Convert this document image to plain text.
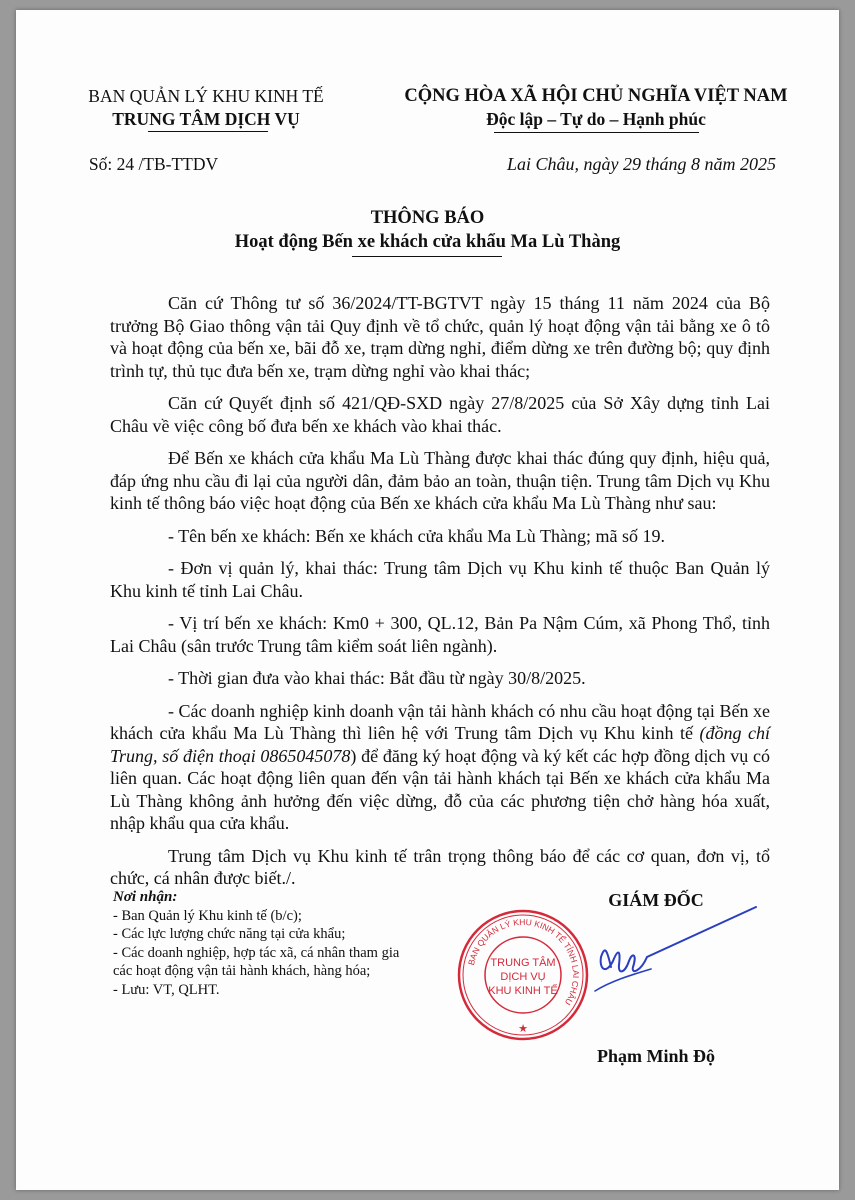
BAN QUẢN LÝ KHU KINH TẾ
TRUNG TÂM DỊCH VỤ
CỘNG HÒA XÃ HỘI CHỦ NGHĨA VIỆT NAM
Độc lập – Tự do – Hạnh phúc
Số: 24 /TB-TTDV	Lai Châu, ngày 29 tháng 8 năm 2025
THÔNG BÁO
Hoạt động Bến xe khách cửa khẩu Ma Lù Thàng

Căn cứ Thông tư số 36/2024/TT-BGTVT ngày 15 tháng 11 năm 2024 của Bộ trưởng Bộ Giao thông vận tải Quy định về tổ chức, quản lý hoạt động vận tải bằng xe ô tô và hoạt động của bến xe, bãi đỗ xe, trạm dừng nghỉ, điểm dừng xe trên đường bộ; quy định trình tự, thủ tục đưa bến xe, trạm dừng nghỉ vào khai thác;

Căn cứ Quyết định số 421/QĐ-SXD ngày 27/8/2025 của Sở Xây dựng tỉnh Lai Châu về việc công bố đưa bến xe khách vào khai thác.

Để Bến xe khách cửa khẩu Ma Lù Thàng được khai thác đúng quy định, hiệu quả, đáp ứng nhu cầu đi lại của người dân, đảm bảo an toàn, thuận tiện. Trung tâm Dịch vụ Khu kinh tế thông báo việc hoạt động của Bến xe khách cửa khẩu Ma Lù Thàng như sau:

- Tên bến xe khách: Bến xe khách cửa khẩu Ma Lù Thàng; mã số 19.

- Đơn vị quản lý, khai thác: Trung tâm Dịch vụ Khu kinh tế thuộc Ban Quản lý Khu kinh tế tỉnh Lai Châu.

- Vị trí bến xe khách: Km0 + 300, QL.12, Bản Pa Nậm Cúm, xã Phong Thổ, tỉnh Lai Châu (sân trước Trung tâm kiểm soát liên ngành).

- Thời gian đưa vào khai thác: Bắt đầu từ ngày 30/8/2025.

- Các doanh nghiệp kinh doanh vận tải hành khách có nhu cầu hoạt động tại Bến xe khách cửa khẩu Ma Lù Thàng thì liên hệ với Trung tâm Dịch vụ Khu kinh tế (đồng chí Trung, số điện thoại 0865045078) để đăng ký hoạt động và ký kết các hợp đồng dịch vụ có liên quan. Các hoạt động liên quan đến vận tải hành khách tại Bến xe khách cửa khẩu Ma Lù Thàng không ảnh hưởng đến việc dừng, đỗ của các phương tiện chở hàng hóa xuất, nhập khẩu qua cửa khẩu.

Trung tâm Dịch vụ Khu kinh tế trân trọng thông báo để các cơ quan, đơn vị, tổ chức, cá nhân được biết./.

Nơi nhận:
- Ban Quản lý Khu kinh tế (b/c);
- Các lực lượng chức năng tại cửa khẩu;
- Các doanh nghiệp, hợp tác xã, cá nhân tham gia
các hoạt động vận tải hành khách, hàng hóa;
- Lưu: VT, QLHT.
GIÁM ĐỐC
BAN QUẢN LÝ KHU KINH TẾ TỈNH LAI CHÂU
TRUNG TÂM
DỊCH VỤ
KHU KINH TẾ
★
Phạm Minh Độ
